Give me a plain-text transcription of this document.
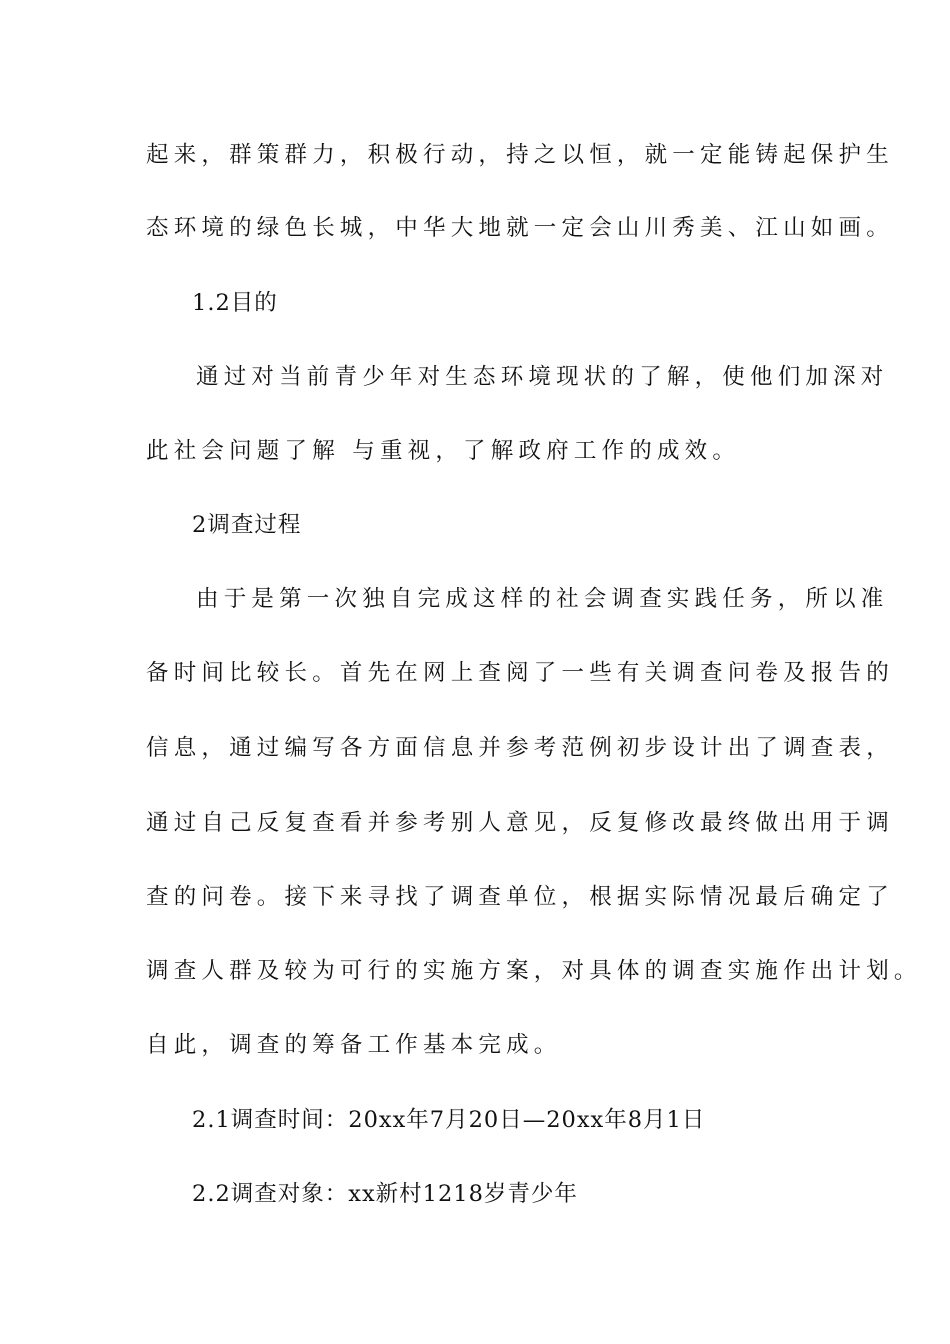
起来，群策群力，积极行动，持之以恒，就一定能铸起保护生
态环境的绿色长城，中华大地就一定会山川秀美、江山如画。
1.2目的
通过对当前青少年对生态环境现状的了解，使他们加深对
此社会问题了解 与重视，了解政府工作的成效。
2调查过程
由于是第一次独自完成这样的社会调查实践任务，所以准
备时间比较长。首先在网上查阅了一些有关调查问卷及报告的
信息，通过编写各方面信息并参考范例初步设计出了调查表，
通过自己反复查看并参考别人意见，反复修改最终做出用于调
查的问卷。接下来寻找了调查单位，根据实际情况最后确定了
调查人群及较为可行的实施方案，对具体的调查实施作出计划。
自此，调查的筹备工作基本完成。
2.1调查时间：20xx年7月20日—20xx年8月1日
2.2调查对象：xx新村1218岁青少年
